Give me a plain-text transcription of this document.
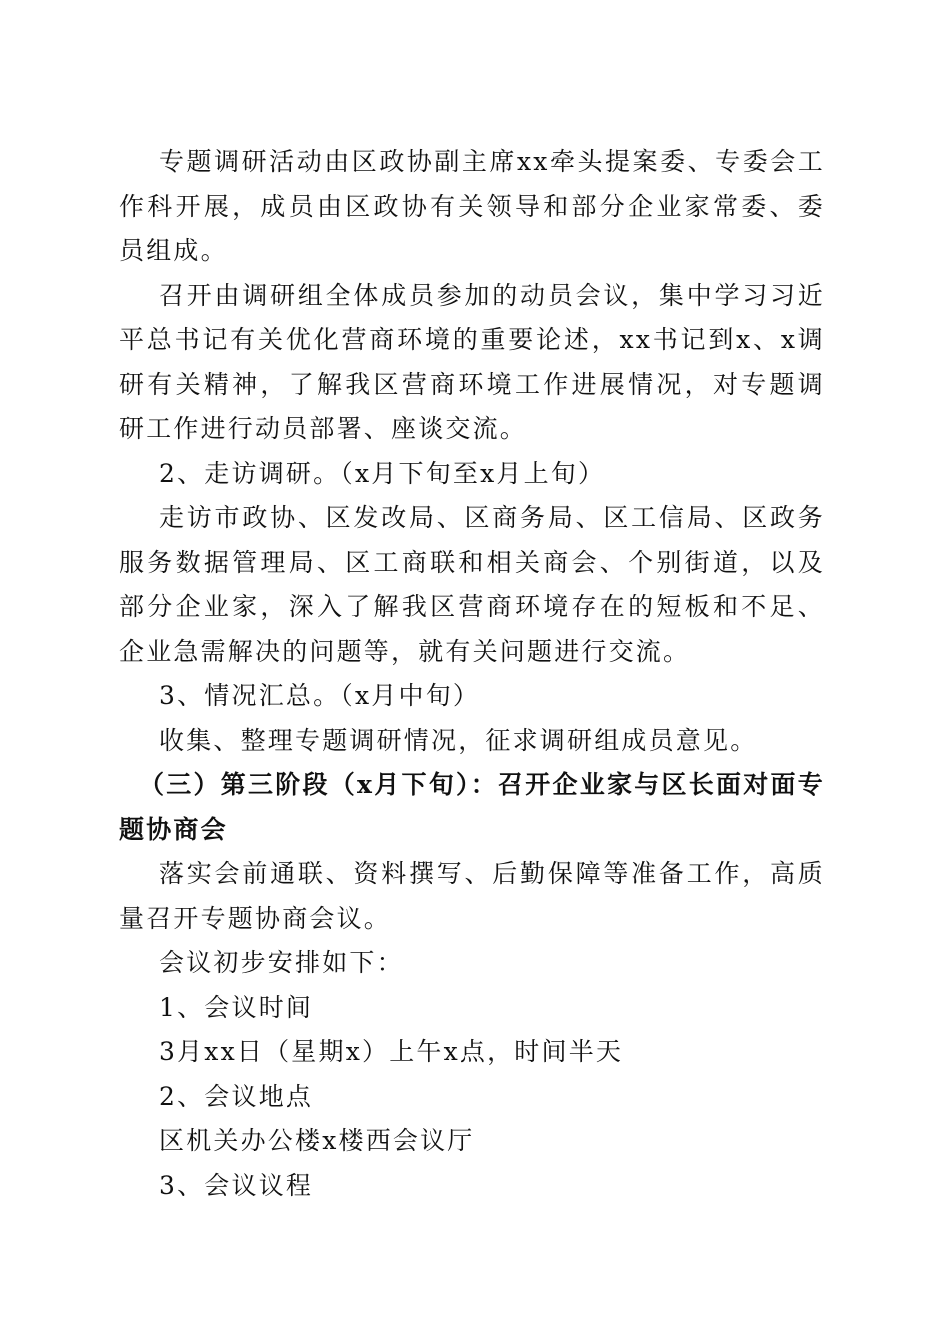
专题调研活动由区政协副主席xx牵头提案委、专委会工作科开展，成员由区政协有关领导和部分企业家常委、委员组成。

召开由调研组全体成员参加的动员会议，集中学习习近平总书记有关优化营商环境的重要论述，xx书记到x、x调研有关精神，了解我区营商环境工作进展情况，对专题调研工作进行动员部署、座谈交流。

2、走访调研。（x月下旬至x月上旬）

走访市政协、区发改局、区商务局、区工信局、区政务服务数据管理局、区工商联和相关商会、个别街道，以及部分企业家，深入了解我区营商环境存在的短板和不足、企业急需解决的问题等，就有关问题进行交流。

3、情况汇总。（x月中旬）

收集、整理专题调研情况，征求调研组成员意见。

（三）第三阶段（x月下旬）：召开企业家与区长面对面专题协商会

落实会前通联、资料撰写、后勤保障等准备工作，高质量召开专题协商会议。

会议初步安排如下：

1、会议时间

3月xx日（星期x）上午x点，时间半天

2、会议地点

区机关办公楼x楼西会议厅

3、会议议程
